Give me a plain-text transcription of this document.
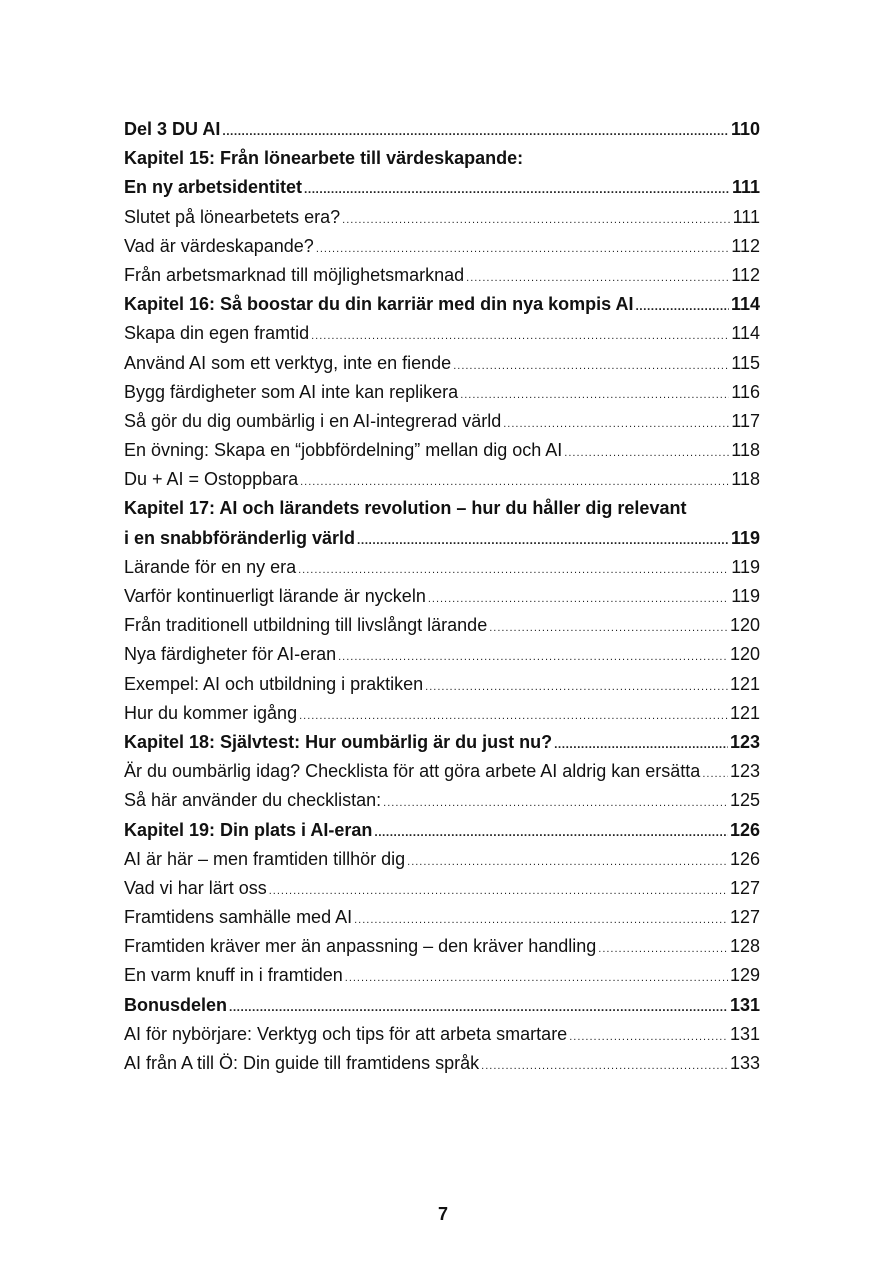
Del 3 DU AI .....	110
Kapitel 15: Från lönearbete till värdeskapande:
En ny arbetsidentitet .....	111
Slutet på lönearbetets era? .....	111
Vad är värdeskapande? .....	112
Från arbetsmarknad till möjlighetsmarknad .....	112
Kapitel 16: Så boostar du din karriär med din nya kompis AI .....	114
Skapa din egen framtid .....	114
Använd AI som ett verktyg, inte en fiende .....	115
Bygg färdigheter som AI inte kan replikera .....	116
Så gör du dig oumbärlig i en AI-integrerad värld .....	117
En övning: Skapa en “jobbfördelning” mellan dig och AI .....	118
Du + AI = Ostoppbara .....	118
Kapitel 17: AI och lärandets revolution – hur du håller dig relevant
i en snabbföränderlig värld .....	119
Lärande för en ny era .....	119
Varför kontinuerligt lärande är nyckeln .....	119
Från traditionell utbildning till livslångt lärande .....	120
Nya färdigheter för AI-eran .....	120
Exempel: AI och utbildning i praktiken .....	121
Hur du kommer igång .....	121
Kapitel 18: Självtest: Hur oumbärlig är du just nu? .....	123
Är du oumbärlig idag? Checklista för att göra arbete AI aldrig kan ersätta ..... 123
Så här använder du checklistan: .....	125
Kapitel 19: Din plats i AI-eran .....	126
AI är här – men framtiden tillhör dig .....	126
Vad vi har lärt oss .....	127
Framtidens samhälle med AI .....	127
Framtiden kräver mer än anpassning – den kräver handling .....	128
En varm knuff in i framtiden .....	129
Bonusdelen .....	131
AI för nybörjare: Verktyg och tips för att arbeta smartare .....	131
AI från A till Ö: Din guide till framtidens språk .....	133
7
